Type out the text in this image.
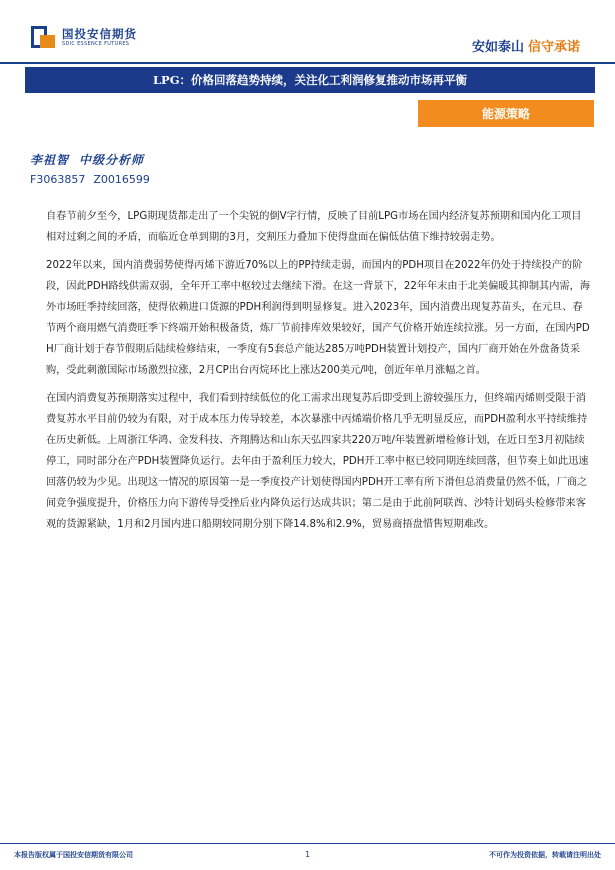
国投安信期货
SDIC ESSENCE FUTURES	安如泰山 信守承诺
LPG：价格回落趋势持续，关注化工利润修复推动市场再平衡
能源策略
李祖智 中级分析师
F3063857 Z0016599

自春节前夕至今，LPG期现货都走出了一个尖锐的倒V字行情，反映了目前LPG市场在国内经济复苏预期和国内化工项目相对过剩之间的矛盾，而临近仓单到期的3月，交割压力叠加下使得盘面在偏低估值下维持较弱走势。

2022年以来，国内消费弱势使得丙烯下游近70%以上的PP持续走弱，而国内的PDH项目在2022年仍处于持续投产的阶段，因此PDH路线供需双弱，全年开工率中枢较过去继续下滑。在这一背景下，22年年末由于北美偏暖其抑制其内需，海外市场旺季持续回落，使得依赖进口货源的PDH利润得到明显修复。进入2023年，国内消费出现复苏苗头，在元旦、春节两个商用燃气消费旺季下终端开始积极备货，炼厂节前排库效果较好，国产气价格开始连续拉涨。另一方面，在国内PDH厂商计划于春节假期后陆续检修结束，一季度有5套总产能达285万吨PDH装置计划投产，国内厂商开始在外盘备货采购，受此刺激国际市场激烈拉涨，2月CP出台丙烷环比上涨达200美元/吨，创近年单月涨幅之首。

在国内消费复苏预期落实过程中，我们看到持续低位的化工需求出现复苏后即受到上游较强压力，但终端丙烯则受限于消费复苏水平目前仍较为有限，对于成本压力传导较差，本次暴涨中丙烯端价格几乎无明显反应，而PDH盈利水平持续维持在历史新低。上周浙江华鸿、金发科技、齐翔腾达和山东天弘四家共220万吨/年装置新增检修计划，在近日至3月初陆续停工，同时部分在产PDH装置降负运行。去年由于盈利压力较大，PDH开工率中枢已较同期连续回落，但节奏上如此迅速回落仍较为少见。出现这一情况的原因第一是一季度投产计划使得国内PDH开工率有所下滑但总消费量仍然不低，厂商之间竞争强度提升，价格压力向下游传导受挫后业内降负运行达成共识；第二是由于此前阿联酋、沙特计划码头检修带来客观的货源紧缺，1月和2月国内进口船期较同期分别下降14.8%和2.9%，贸易商捂盘惜售短期难改。

本报告版权属于国投安信期货有限公司	1	不可作为投资依据，转载请注明出处
